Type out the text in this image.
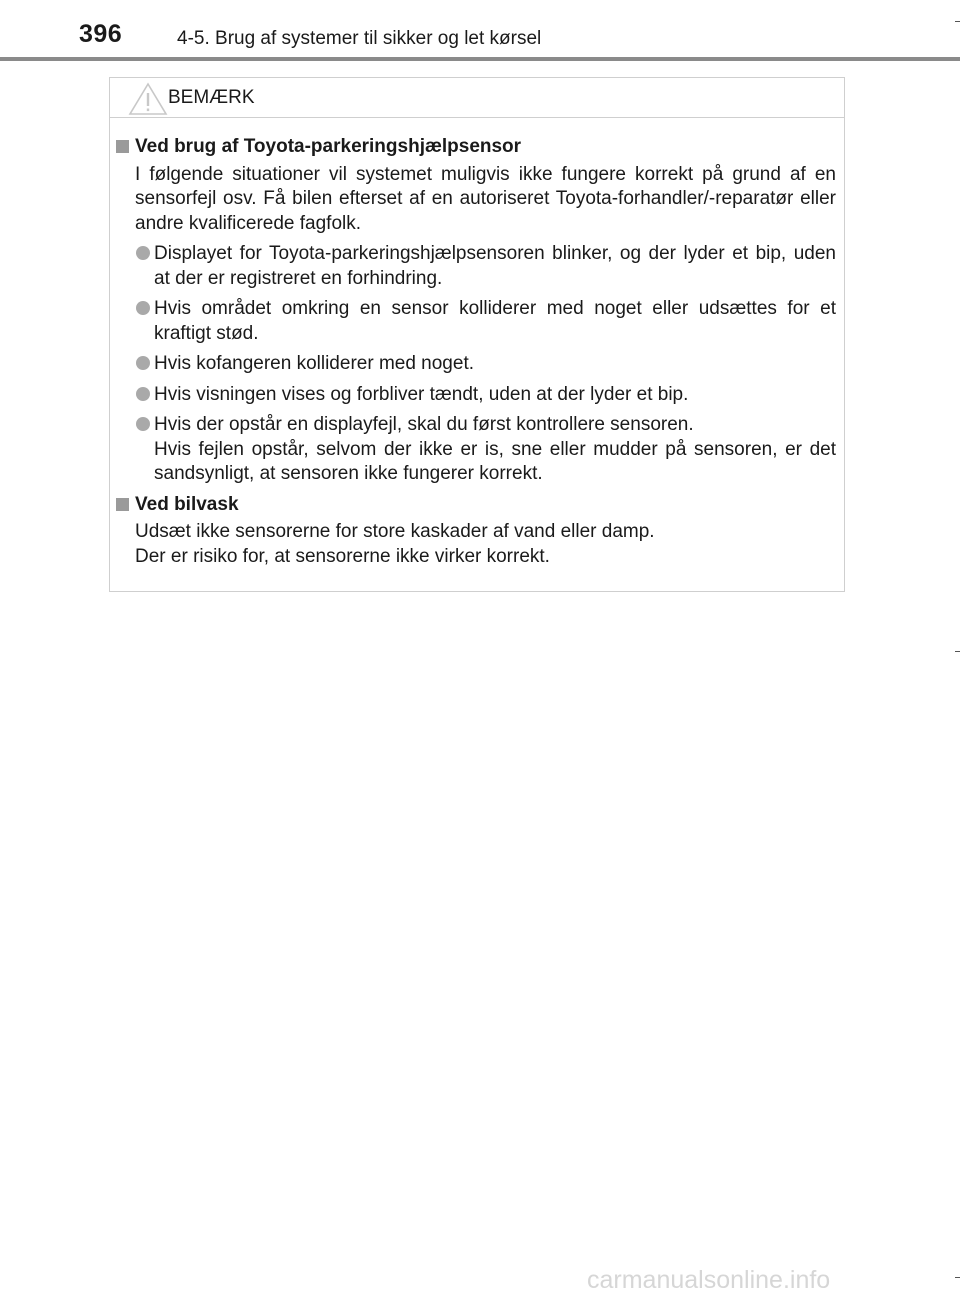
396	4-5. Brug af systemer til sikker og let kørsel
BEMÆRK
Ved brug af Toyota-parkeringshjælpsensor
I følgende situationer vil systemet muligvis ikke fungere korrekt på grund af en sensorfejl osv. Få bilen efterset af en autoriseret Toyota-forhandler/-reparatør eller andre kvalificerede fagfolk.
Displayet for Toyota-parkeringshjælpsensoren blinker, og der lyder et bip, uden at der er registreret en forhindring.
Hvis området omkring en sensor kolliderer med noget eller udsættes for et kraftigt stød.
Hvis kofangeren kolliderer med noget.
Hvis visningen vises og forbliver tændt, uden at der lyder et bip.
Hvis der opstår en displayfejl, skal du først kontrollere sensoren.
Hvis fejlen opstår, selvom der ikke er is, sne eller mudder på sensoren, er det sandsynligt, at sensoren ikke fungerer korrekt.
Ved bilvask
Udsæt ikke sensorerne for store kaskader af vand eller damp.
Der er risiko for, at sensorerne ikke virker korrekt.
carmanualsonline.info
